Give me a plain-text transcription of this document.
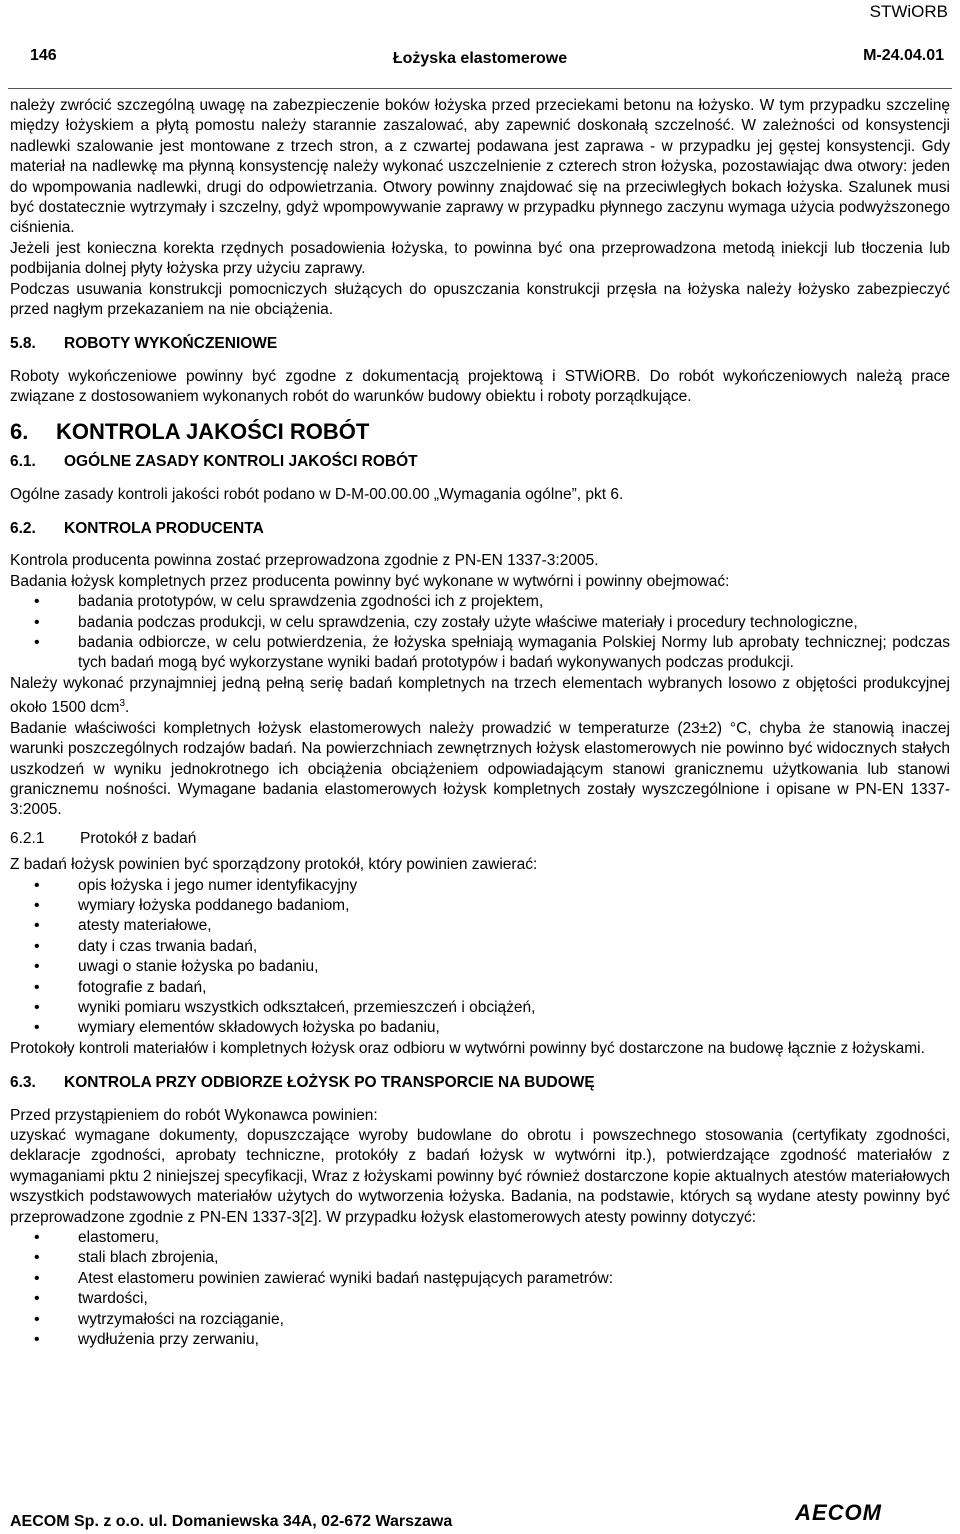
STWiORB
146	Łożyska elastomerowe	M-24.04.01

należy zwrócić szczególną uwagę na zabezpieczenie boków łożyska przed przeciekami betonu na łożysko. W tym przypadku szczelinę między łożyskiem a płytą pomostu należy starannie zaszalować, aby zapewnić doskonałą szczelność. W zależności od konsystencji nadlewki szalowanie jest montowane z trzech stron, a z czwartej podawana jest zaprawa - w przypadku jej gęstej konsystencji. Gdy materiał na nadlewkę ma płynną konsystencję należy wykonać uszczelnienie z czterech stron łożyska, pozostawiając dwa otwory: jeden do wpompowania nadlewki, drugi do odpowietrzania. Otwory powinny znajdować się na przeciwległych bokach łożyska. Szalunek musi być dostatecznie wytrzymały i szczelny, gdyż wpompowywanie zaprawy w przypadku płynnego zaczynu wymaga użycia podwyższonego ciśnienia.

Jeżeli jest konieczna korekta rzędnych posadowienia łożyska, to powinna być ona przeprowadzona metodą iniekcji lub tłoczenia lub podbijania dolnej płyty łożyska przy użyciu zaprawy.

Podczas usuwania konstrukcji pomocniczych służących do opuszczania konstrukcji przęsła na łożyska należy łożysko zabezpieczyć przed nagłym przekazaniem na nie obciążenia.

5.8.	ROBOTY WYKOŃCZENIOWE

Roboty wykończeniowe powinny być zgodne z dokumentacją projektową i STWiORB. Do robót wykończeniowych należą prace związane z dostosowaniem wykonanych robót do warunków budowy obiektu i roboty porządkujące.

6.	KONTROLA JAKOŚCI ROBÓT
6.1.	OGÓLNE ZASADY KONTROLI JAKOŚCI ROBÓT

Ogólne zasady kontroli jakości robót podano w D-M-00.00.00 „Wymagania ogólne”, pkt 6.

6.2.	KONTROLA PRODUCENTA

Kontrola producenta powinna zostać przeprowadzona zgodnie z PN-EN 1337-3:2005.

Badania łożysk kompletnych przez producenta powinny być wykonane w wytwórni i powinny obejmować:

• badania prototypów, w celu sprawdzenia zgodności ich z projektem,
• badania podczas produkcji, w celu sprawdzenia, czy zostały użyte właściwe materiały i procedury technologiczne,
• badania odbiorcze, w celu potwierdzenia, że łożyska spełniają wymagania Polskiej Normy lub aprobaty technicznej; podczas tych badań mogą być wykorzystane wyniki badań prototypów i badań wykonywanych podczas produkcji.

Należy wykonać przynajmniej jedną pełną serię badań kompletnych na trzech elementach wybranych losowo z objętości produkcyjnej około 1500 dcm$^3$.

Badanie właściwości kompletnych łożysk elastomerowych należy prowadzić w temperaturze (23±2) °C, chyba że stanowią inaczej warunki poszczególnych rodzajów badań. Na powierzchniach zewnętrznych łożysk elastomerowych nie powinno być widocznych stałych uszkodzeń w wyniku jednokrotnego ich obciążenia obciążeniem odpowiadającym stanowi granicznemu użytkowania lub stanowi granicznemu nośności. Wymagane badania elastomerowych łożysk kompletnych zostały wyszczególnione i opisane w PN-EN 1337-3:2005.

6.2.1	Protokół z badań

Z badań łożysk powinien być sporządzony protokół, który powinien zawierać:

• opis łożyska i jego numer identyfikacyjny
• wymiary łożyska poddanego badaniom,
• atesty materiałowe,
• daty i czas trwania badań,
• uwagi o stanie łożyska po badaniu,
• fotografie z badań,
• wyniki pomiaru wszystkich odkształceń, przemieszczeń i obciążeń,
• wymiary elementów składowych łożyska po badaniu,

Protokoły kontroli materiałów i kompletnych łożysk oraz odbioru w wytwórni powinny być dostarczone na budowę łącznie z łożyskami.

6.3.	KONTROLA PRZY ODBIORZE ŁOŻYSK PO TRANSPORCIE NA BUDOWĘ

Przed przystąpieniem do robót Wykonawca powinien:

uzyskać wymagane dokumenty, dopuszczające wyroby budowlane do obrotu i powszechnego stosowania (certyfikaty zgodności, deklaracje zgodności, aprobaty techniczne, protokóły z badań łożysk w wytwórni itp.), potwierdzające zgodność materiałów z wymaganiami pktu 2 niniejszej specyfikacji, Wraz z łożyskami powinny być również dostarczone kopie aktualnych atestów materiałowych wszystkich podstawowych materiałów użytych do wytworzenia łożyska. Badania, na podstawie, których są wydane atesty powinny być przeprowadzone zgodnie z PN-EN 1337-3[2]. W przypadku łożysk elastomerowych atesty powinny dotyczyć:

• elastomeru,
• stali blach zbrojenia,
• Atest elastomeru powinien zawierać wyniki badań następujących parametrów:
• twardości,
• wytrzymałości na rozciąganie,
• wydłużenia przy zerwaniu,
AECOM Sp. z o.o. ul. Domaniewska 34A, 02-672 Warszawa	AECOM
